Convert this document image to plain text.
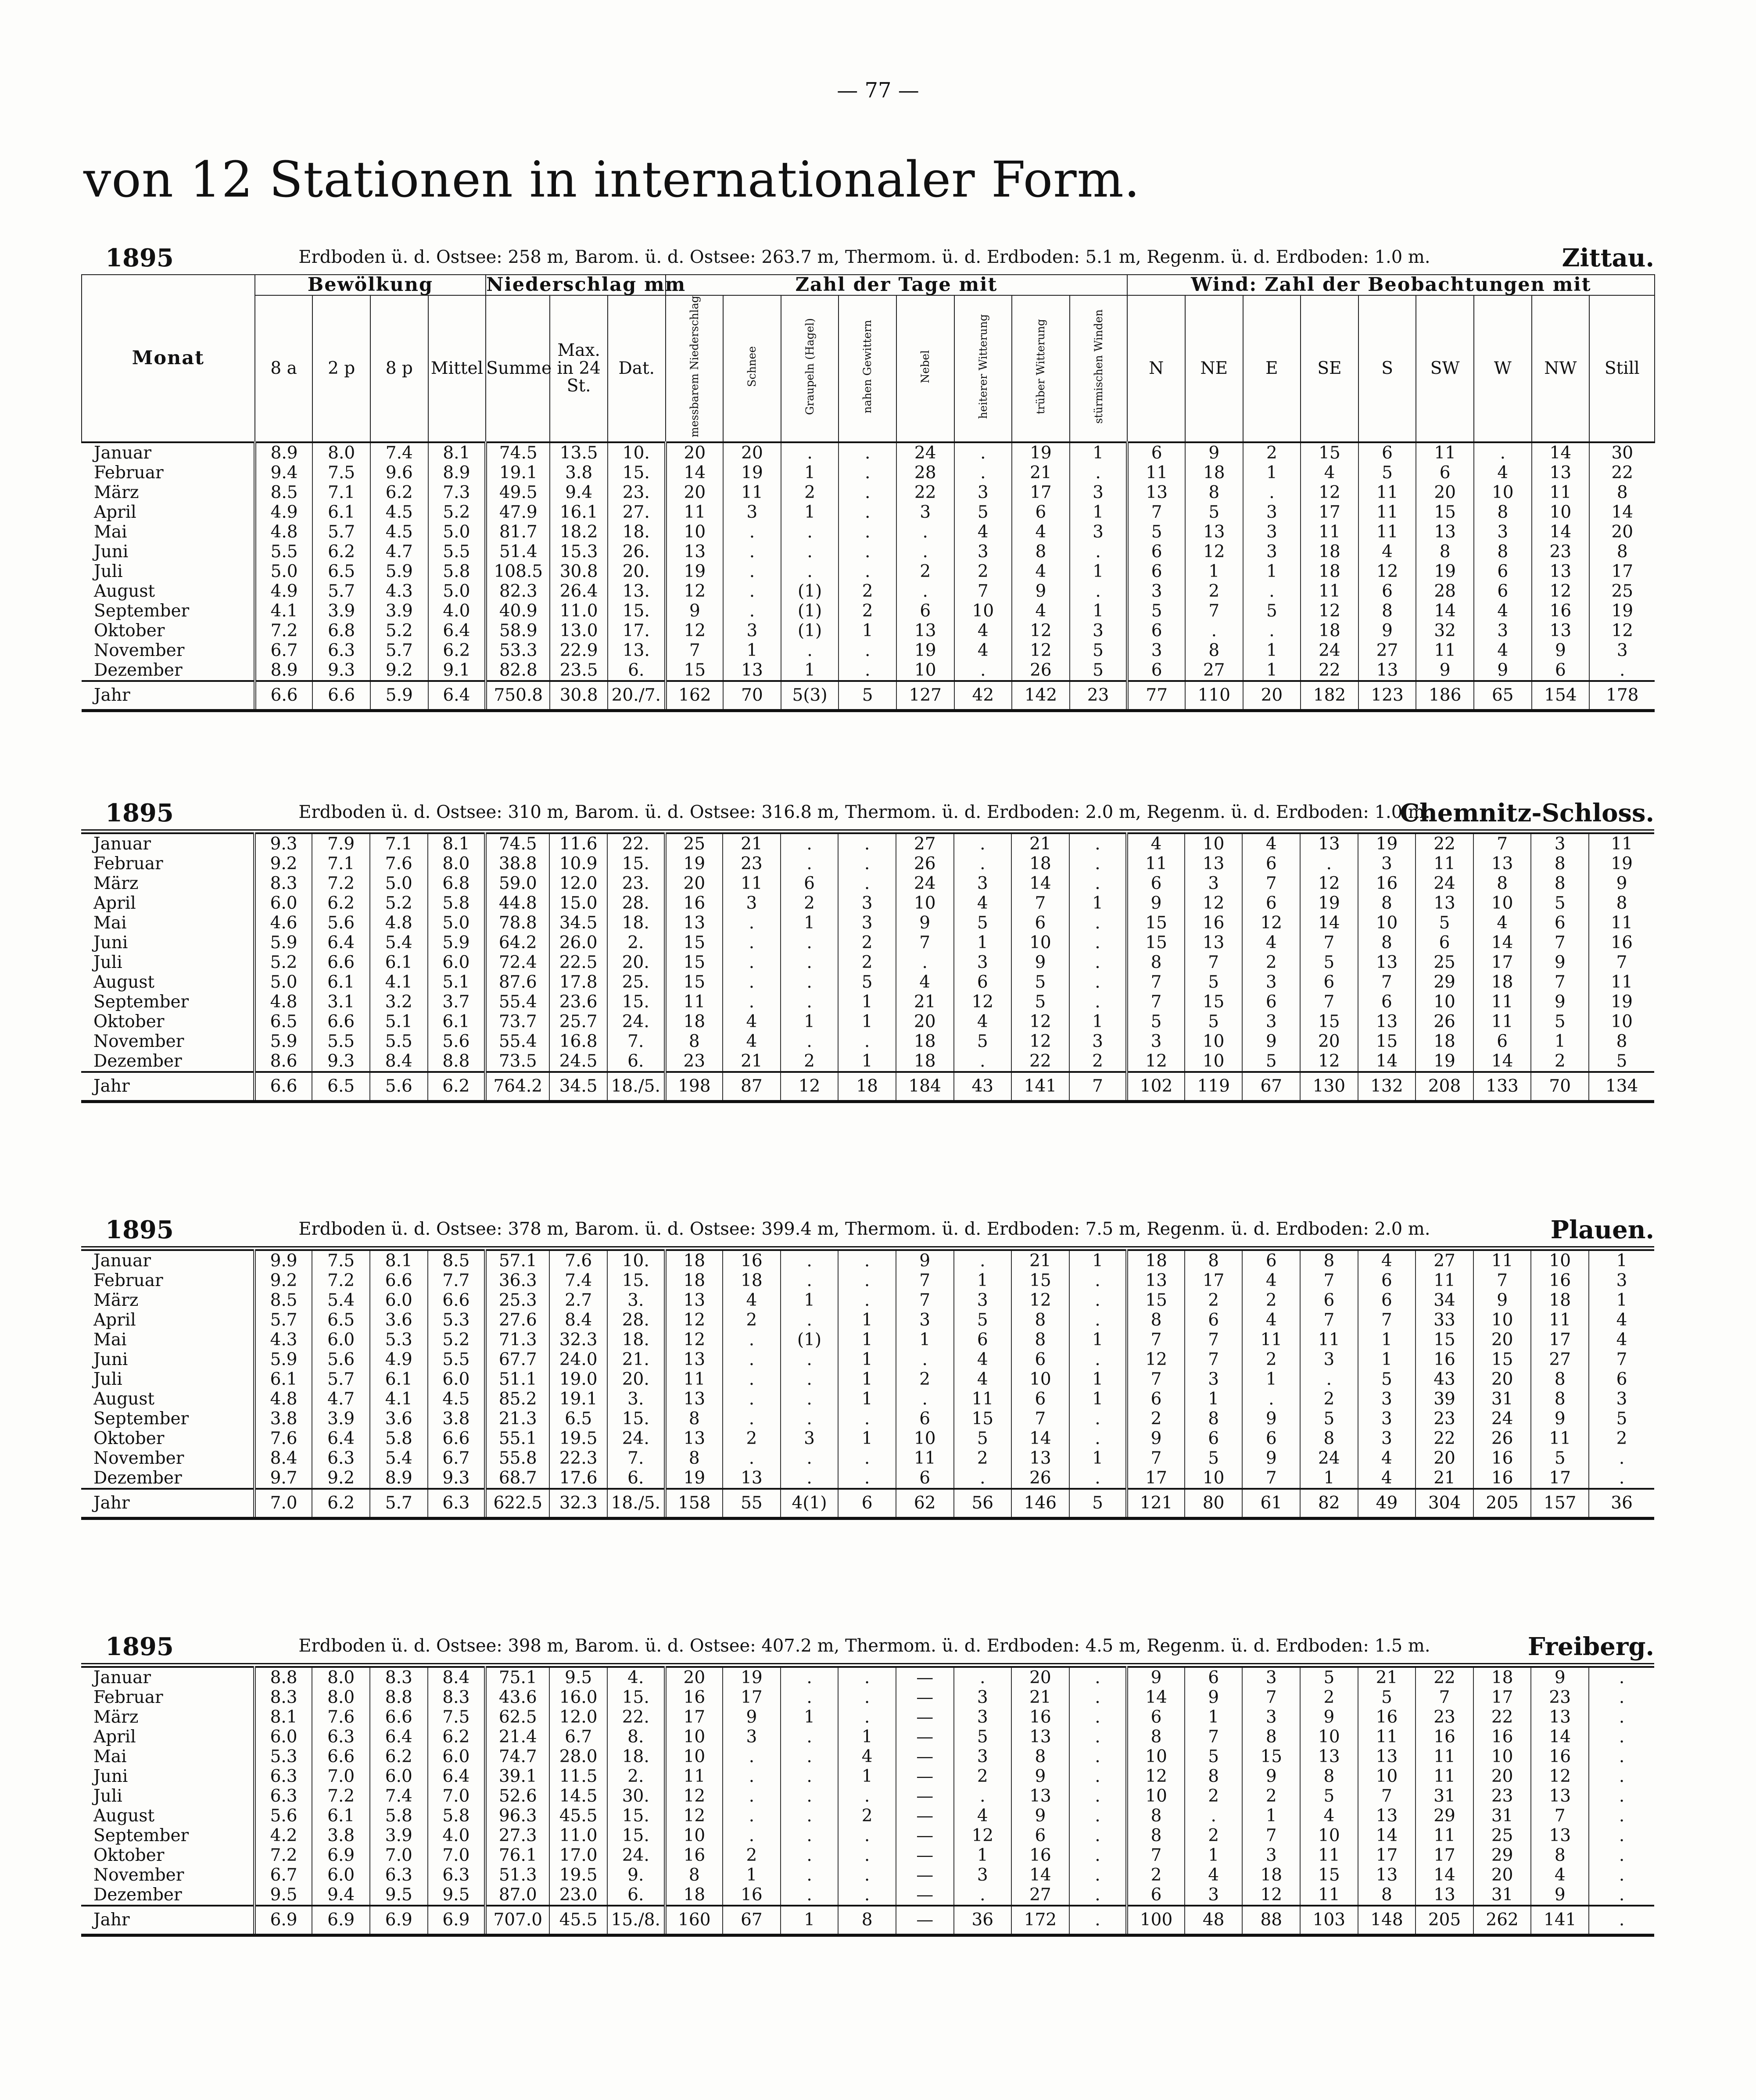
— 77 —
von 12 Stationen in internationaler Form.
1895	Erdboden ü. d. Ostsee: 258 m, Barom. ü. d. Ostsee: 263.7 m, Thermom. ü. d. Erdboden: 5.1 m, Regenm. ü. d. Erdboden: 1.0 m.	Zittau.
Monat	Bewölkung				Niederschlag mm			Zahl der Tage mit								Wind: Zahl der Beobachtungen mit								
	8 a	2 p	8 p	Mittel	Summe	Max. in 24 St.	Dat.	messbarem Niederschlag	Schnee	Graupeln (Hagel)	nahen Gewittern	Nebel	heiterer Witterung	trüber Witterung	stürmischen Winden	N	NE	E	SE	S	SW	W	NW	Still
Januar	8.9	8.0	7.4	8.1	74.5	13.5	10.	20	20	.	.	24	.	19	1	6	9	2	15	6	11	.	14	30
Februar	9.4	7.5	9.6	8.9	19.1	3.8	15.	14	19	1	.	28	.	21	.	11	18	1	4	5	6	4	13	22
März	8.5	7.1	6.2	7.3	49.5	9.4	23.	20	11	2	.	22	3	17	3	13	8	.	12	11	20	10	11	8
April	4.9	6.1	4.5	5.2	47.9	16.1	27.	11	3	1	.	3	5	6	1	7	5	3	17	11	15	8	10	14
Mai	4.8	5.7	4.5	5.0	81.7	18.2	18.	10	.	.	.	.	4	4	3	5	13	3	11	11	13	3	14	20
Juni	5.5	6.2	4.7	5.5	51.4	15.3	26.	13	.	.	.	.	3	8	.	6	12	3	18	4	8	8	23	8
Juli	5.0	6.5	5.9	5.8	108.5	30.8	20.	19	.	.	.	2	2	4	1	6	1	1	18	12	19	6	13	17
August	4.9	5.7	4.3	5.0	82.3	26.4	13.	12	.	(1)	2	.	7	9	.	3	2	.	11	6	28	6	12	25
September	4.1	3.9	3.9	4.0	40.9	11.0	15.	9	.	(1)	2	6	10	4	1	5	7	5	12	8	14	4	16	19
Oktober	7.2	6.8	5.2	6.4	58.9	13.0	17.	12	3	(1)	1	13	4	12	3	6	.	.	18	9	32	3	13	12
November	6.7	6.3	5.7	6.2	53.3	22.9	13.	7	1	.	.	19	4	12	5	3	8	1	24	27	11	4	9	3
Dezember	8.9	9.3	9.2	9.1	82.8	23.5	6.	15	13	1	.	10	.	26	5	6	27	1	22	13	9	9	6	.
Jahr	6.6	6.6	5.9	6.4	750.8	30.8	20./7.	162	70	5(3)	5	127	42	142	23	77	110	20	182	123	186	65	154	178
1895	Erdboden ü. d. Ostsee: 310 m, Barom. ü. d. Ostsee: 316.8 m, Thermom. ü. d. Erdboden: 2.0 m, Regenm. ü. d. Erdboden: 1.0 m.
Chemnitz-Schloss.

Januar	9.3	7.9	7.1	8.1	74.5	11.6	22.	25	21	.	.	27	.	21	.	4	10	4	13	19	22	7	3	11
Februar	9.2	7.1	7.6	8.0	38.8	10.9	15.	19	23	.	.	26	.	18	.	11	13	6	.	3	11	13	8	19
März	8.3	7.2	5.0	6.8	59.0	12.0	23.	20	11	6	.	24	3	14	.	6	3	7	12	16	24	8	8	9
April	6.0	6.2	5.2	5.8	44.8	15.0	28.	16	3	2	3	10	4	7	1	9	12	6	19	8	13	10	5	8
Mai	4.6	5.6	4.8	5.0	78.8	34.5	18.	13	.	1	3	9	5	6	.	15	16	12	14	10	5	4	6	11
Juni	5.9	6.4	5.4	5.9	64.2	26.0	2.	15	.	.	2	7	1	10	.	15	13	4	7	8	6	14	7	16
Juli	5.2	6.6	6.1	6.0	72.4	22.5	20.	15	.	.	2	.	3	9	.	8	7	2	5	13	25	17	9	7
August	5.0	6.1	4.1	5.1	87.6	17.8	25.	15	.	.	5	4	6	5	.	7	5	3	6	7	29	18	7	11
September	4.8	3.1	3.2	3.7	55.4	23.6	15.	11	.	.	1	21	12	5	.	7	15	6	7	6	10	11	9	19
Oktober	6.5	6.6	5.1	6.1	73.7	25.7	24.	18	4	1	1	20	4	12	1	5	5	3	15	13	26	11	5	10
November	5.9	5.5	5.5	5.6	55.4	16.8	7.	8	4	.	.	18	5	12	3	3	10	9	20	15	18	6	1	8
Dezember	8.6	9.3	8.4	8.8	73.5	24.5	6.	23	21	2	1	18	.	22	2	12	10	5	12	14	19	14	2	5
Jahr	6.6	6.5	5.6	6.2	764.2	34.5	18./5.	198	87	12	18	184	43	141	7	102	119	67	130	132	208	133	70	134
1895	Erdboden ü. d. Ostsee: 378 m, Barom. ü. d. Ostsee: 399.4 m, Thermom. ü. d. Erdboden: 7.5 m, Regenm. ü. d. Erdboden: 2.0 m.	Plauen.

Januar	9.9	7.5	8.1	8.5	57.1	7.6	10.	18	16	.	.	9	.	21	1	18	8	6	8	4	27	11	10	1
Februar	9.2	7.2	6.6	7.7	36.3	7.4	15.	18	18	.	.	7	1	15	.	13	17	4	7	6	11	7	16	3
März	8.5	5.4	6.0	6.6	25.3	2.7	3.	13	4	1	.	7	3	12	.	15	2	2	6	6	34	9	18	1
April	5.7	6.5	3.6	5.3	27.6	8.4	28.	12	2	.	1	3	5	8	.	8	6	4	7	7	33	10	11	4
Mai	4.3	6.0	5.3	5.2	71.3	32.3	18.	12	.	(1)	1	1	6	8	1	7	7	11	11	1	15	20	17	4
Juni	5.9	5.6	4.9	5.5	67.7	24.0	21.	13	.	.	1	.	4	6	.	12	7	2	3	1	16	15	27	7
Juli	6.1	5.7	6.1	6.0	51.1	19.0	20.	11	.	.	1	2	4	10	1	7	3	1	.	5	43	20	8	6
August	4.8	4.7	4.1	4.5	85.2	19.1	3.	13	.	.	1	.	11	6	1	6	1	.	2	3	39	31	8	3
September	3.8	3.9	3.6	3.8	21.3	6.5	15.	8	.	.	.	6	15	7	.	2	8	9	5	3	23	24	9	5
Oktober	7.6	6.4	5.8	6.6	55.1	19.5	24.	13	2	3	1	10	5	14	.	9	6	6	8	3	22	26	11	2
November	8.4	6.3	5.4	6.7	55.8	22.3	7.	8	.	.	.	11	2	13	1	7	5	9	24	4	20	16	5	.
Dezember	9.7	9.2	8.9	9.3	68.7	17.6	6.	19	13	.	.	6	.	26	.	17	10	7	1	4	21	16	17	.
Jahr	7.0	6.2	5.7	6.3	622.5	32.3	18./5.	158	55	4(1)	6	62	56	146	5	121	80	61	82	49	304	205	157	36
1895	Erdboden ü. d. Ostsee: 398 m, Barom. ü. d. Ostsee: 407.2 m, Thermom. ü. d. Erdboden: 4.5 m, Regenm. ü. d. Erdboden: 1.5 m.	Freiberg.

Januar	8.8	8.0	8.3	8.4	75.1	9.5	4.	20	19	.	.	—	.	20	.	9	6	3	5	21	22	18	9	.
Februar	8.3	8.0	8.8	8.3	43.6	16.0	15.	16	17	.	.	—	3	21	.	14	9	7	2	5	7	17	23	.
März	8.1	7.6	6.6	7.5	62.5	12.0	22.	17	9	1	.	—	3	16	.	6	1	3	9	16	23	22	13	.
April	6.0	6.3	6.4	6.2	21.4	6.7	8.	10	3	.	1	—	5	13	.	8	7	8	10	11	16	16	14	.
Mai	5.3	6.6	6.2	6.0	74.7	28.0	18.	10	.	.	4	—	3	8	.	10	5	15	13	13	11	10	16	.
Juni	6.3	7.0	6.0	6.4	39.1	11.5	2.	11	.	.	1	—	2	9	.	12	8	9	8	10	11	20	12	.
Juli	6.3	7.2	7.4	7.0	52.6	14.5	30.	12	.	.	.	—	.	13	.	10	2	2	5	7	31	23	13	.
August	5.6	6.1	5.8	5.8	96.3	45.5	15.	12	.	.	2	—	4	9	.	8	.	1	4	13	29	31	7	.
September	4.2	3.8	3.9	4.0	27.3	11.0	15.	10	.	.	.	—	12	6	.	8	2	7	10	14	11	25	13	.
Oktober	7.2	6.9	7.0	7.0	76.1	17.0	24.	16	2	.	.	—	1	16	.	7	1	3	11	17	17	29	8	.
November	6.7	6.0	6.3	6.3	51.3	19.5	9.	8	1	.	.	—	3	14	.	2	4	18	15	13	14	20	4	.
Dezember	9.5	9.4	9.5	9.5	87.0	23.0	6.	18	16	.	.	—	.	27	.	6	3	12	11	8	13	31	9	.
Jahr	6.9	6.9	6.9	6.9	707.0	45.5	15./8.	160	67	1	8	—	36	172	.	100	48	88	103	148	205	262	141	.
